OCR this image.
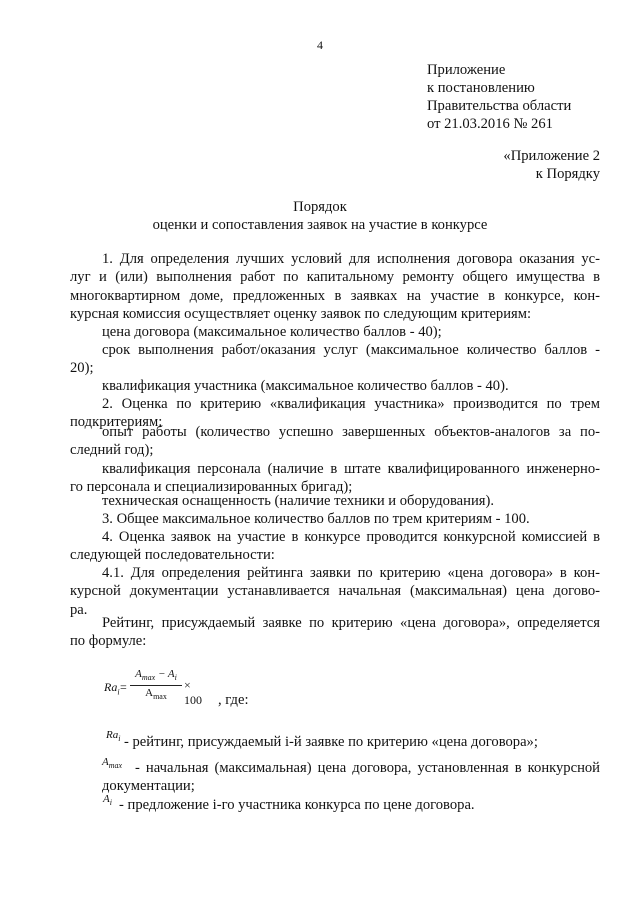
4
Приложение
к постановлению
Правительства области
от 21.03.2016 № 261
«Приложение 2
к Порядку
Порядок
оценки и сопоставления заявок на участие в конкурсе

1. Для определения лучших условий для исполнения договора оказания ус-

луг и (или) выполнения работ по капитальному ремонту общего имущества в

многоквартирном доме, предложенных в заявках на участие в конкурсе, кон-

курсная комиссия осуществляет оценку заявок по следующим критериям:

цена договора (максимальное количество баллов - 40);

срок выполнения работ/оказания услуг (максимальное количество баллов -

20);

квалификация участника (максимальное количество баллов - 40).

2. Оценка по критерию «квалификация участника» производится по трем

подкритериям:

опыт работы (количество успешно завершенных объектов-аналогов за по-

следний год);

квалификация персонала (наличие в штате квалифицированного инженерно-

го персонала и специализированных бригад);

техническая оснащенность (наличие техники и оборудования).

3. Общее максимальное количество баллов по трем критериям - 100.

4. Оценка заявок на участие в конкурсе проводится конкурсной комиссией в

следующей последовательности:

4.1. Для определения рейтинга заявки по критерию «цена договора» в кон-

курсной документации устанавливается начальная (максимальная) цена догово-

ра.

Рейтинг, присуждаемый заявке по критерию «цена договора», определяется

по формуле:

$Ra_i$ =
$A_{max} - A_i$
$A_{max}$
× 100 , где:
$Ra_i$ - рейтинг, присуждаемый i-й заявке по критерию «цена договора»;
$A_{max}$ - начальная (максимальная) цена договора, установленная в конкурсной

документации;

$A_i$ - предложение i-го участника конкурса по цене договора.
